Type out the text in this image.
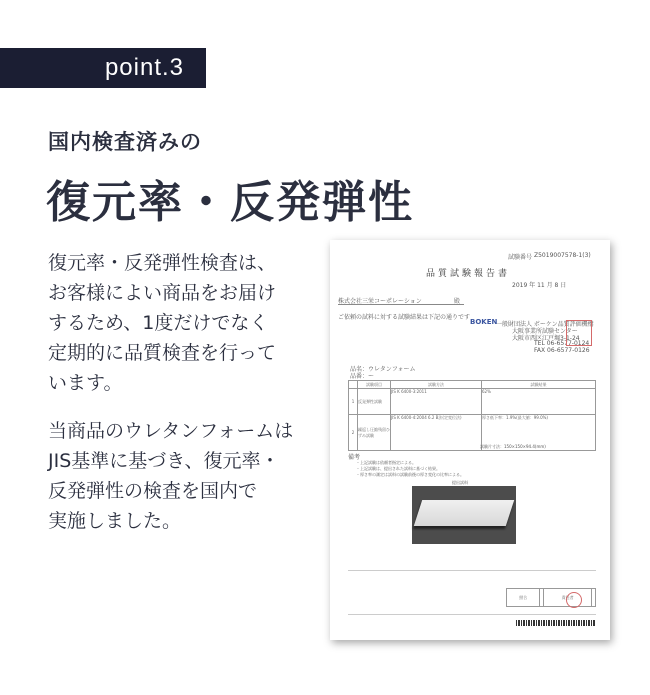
point.3
国内検査済みの
復元率・反発弾性

復元率・反発弾性検査は、
お客様によい商品をお届け
するため、1度だけでなく
定期的に品質検査を行って
います。

当商品のウレタンフォームは
JIS基準に基づき、復元率・
反発弾性の検査を国内で
実施しました。

試験番号 Z5019007578-1(3)
品質試験報告書
2019 年 11 月 8 日
株式会社三栄コーポレーション	殿
ご依頼の試料に対する試験結果は下記の通りです
BOKEN
一般財団法人 ボーケン品質評価機構
大阪事業所試験センター
大阪市西区江戸堀3-1-24
TEL 06-6577-0124
FAX 06-6577-0126
品名：ウレタンフォーム
品番：ー
	試験項目	試験方法	試験結果
1	反発弾性試験	JIS K 6400-3:2011	62%
2	繰返し圧縮残留ひずみ試験	JIS K 6400-4:2004 6.2 B法(定変位法)	厚さ低下率：1.9%(最大値：99.0%)
試験片寸法：150×150×94.4(mm)
備考
・上記試験は依頼者指定による。
・上記試験は、提出された試料に基づく結果。
・厚さ率の測定は試料の試験前後の厚さ変化の比率による。
提出試料
照合		責任者	
